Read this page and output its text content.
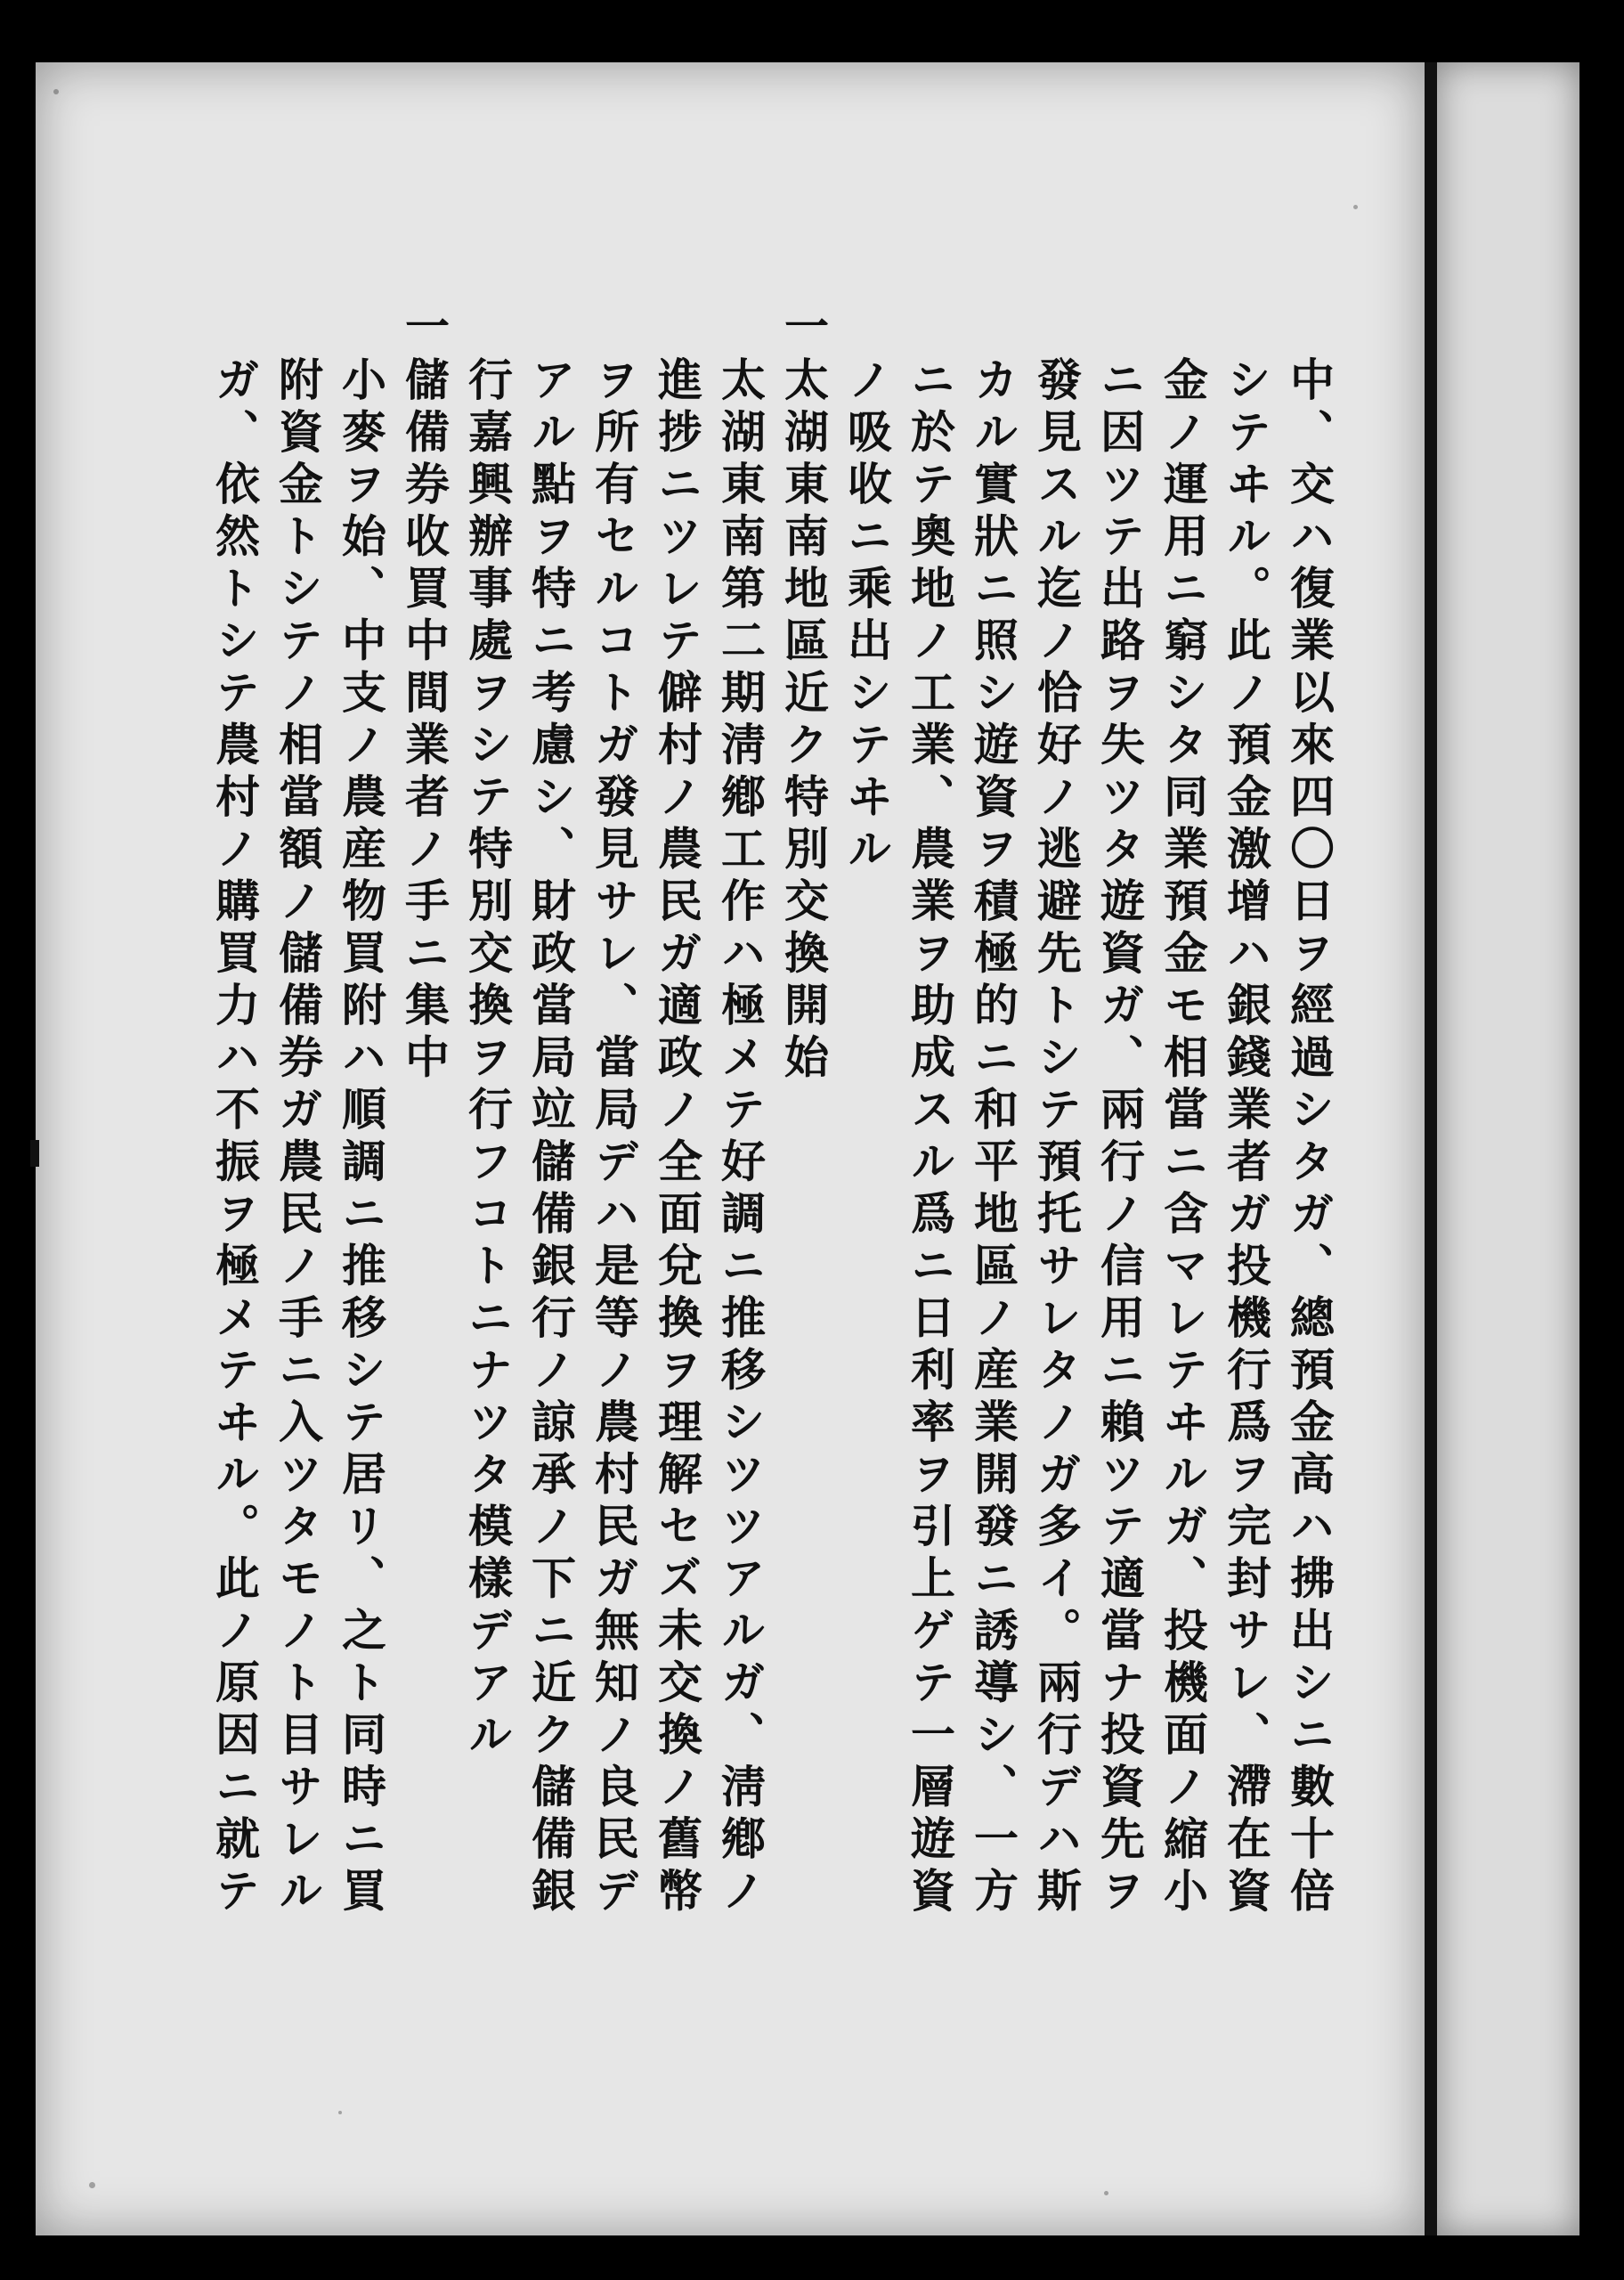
中、交ハ復業以來四〇日ヲ經過シタガ、總預金高ハ拂出シニ數十倍
シテヰル。此ノ預金激增ハ銀錢業者ガ投機行爲ヲ完封サレ、滯在資
金ノ運用ニ窮シタ同業預金モ相當ニ含マレテヰルガ、投機面ノ縮小
ニ因ツテ出路ヲ失ツタ遊資ガ、兩行ノ信用ニ賴ツテ適當ナ投資先ヲ
發見スル迄ノ恰好ノ逃避先トシテ預托サレタノガ多イ。兩行デハ斯
カル實狀ニ照シ遊資ヲ積極的ニ和平地區ノ産業開發ニ誘導シ、一方
ニ於テ奧地ノ工業、農業ヲ助成スル爲ニ日利率ヲ引上ゲテ一層遊資
ノ吸收ニ乘出シテヰル
太湖東南地區近ク特別交換開始
太湖東南第二期淸鄕工作ハ極メテ好調ニ推移シツツアルガ、淸鄕ノ
進捗ニツレテ僻村ノ農民ガ適政ノ全面兌換ヲ理解セズ未交換ノ舊幣
ヲ所有セルコトガ發見サレ、當局デハ是等ノ農村民ガ無知ノ良民デ
アル點ヲ特ニ考慮シ、財政當局竝儲備銀行ノ諒承ノ下ニ近ク儲備銀
行嘉興辦事處ヲシテ特別交換ヲ行フコトニナツタ模樣デアル
儲備券收買中間業者ノ手ニ集中
小麥ヲ始、中支ノ農産物買附ハ順調ニ推移シテ居リ、之ト同時ニ買
附資金トシテノ相當額ノ儲備券ガ農民ノ手ニ入ツタモノト目サレル
ガ、依然トシテ農村ノ購買力ハ不振ヲ極メテヰル。此ノ原因ニ就テ
一
一
